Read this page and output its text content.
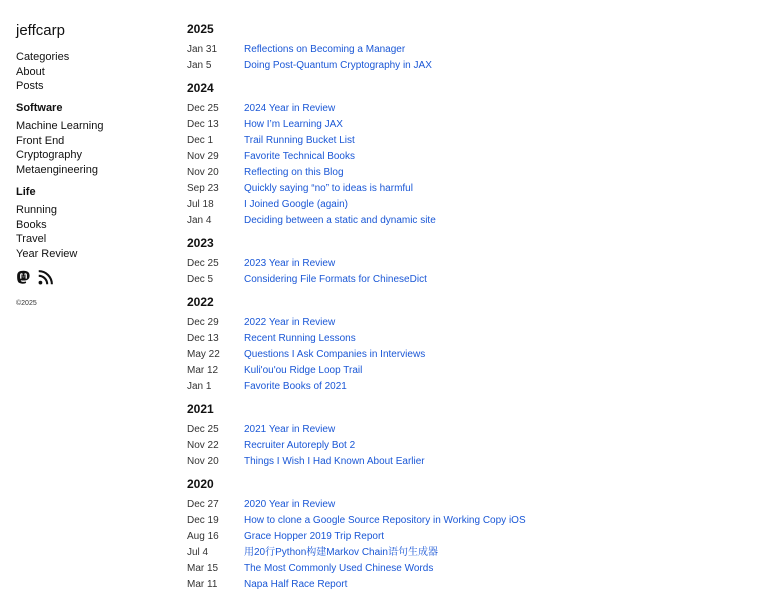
jeffcarp
Categories
About
Posts
Software
Machine Learning
Front End
Cryptography
Metaengineering
Life
Running
Books
Travel
Year Review
©2025
2025
Jan 31	Reflections on Becoming a Manager
Jan 5	Doing Post-Quantum Cryptography in JAX
2024
Dec 25	2024 Year in Review
Dec 13	How I’m Learning JAX
Dec 1	Trail Running Bucket List
Nov 29	Favorite Technical Books
Nov 20	Reflecting on this Blog
Sep 23	Quickly saying “no” to ideas is harmful
Jul 18	I Joined Google (again)
Jan 4	Deciding between a static and dynamic site
2023
Dec 25	2023 Year in Review
Dec 5	Considering File Formats for ChineseDict
2022
Dec 29	2022 Year in Review
Dec 13	Recent Running Lessons
May 22	Questions I Ask Companies in Interviews
Mar 12	Kuli'ou'ou Ridge Loop Trail
Jan 1	Favorite Books of 2021
2021
Dec 25	2021 Year in Review
Nov 22	Recruiter Autoreply Bot 2
Nov 20	Things I Wish I Had Known About Earlier
2020
Dec 27	2020 Year in Review
Dec 19	How to clone a Google Source Repository in Working Copy iOS
Aug 16	Grace Hopper 2019 Trip Report
Jul 4	用20行Python构建Markov Chain语句生成器
Mar 15	The Most Commonly Used Chinese Words
Mar 11	Napa Half Race Report
